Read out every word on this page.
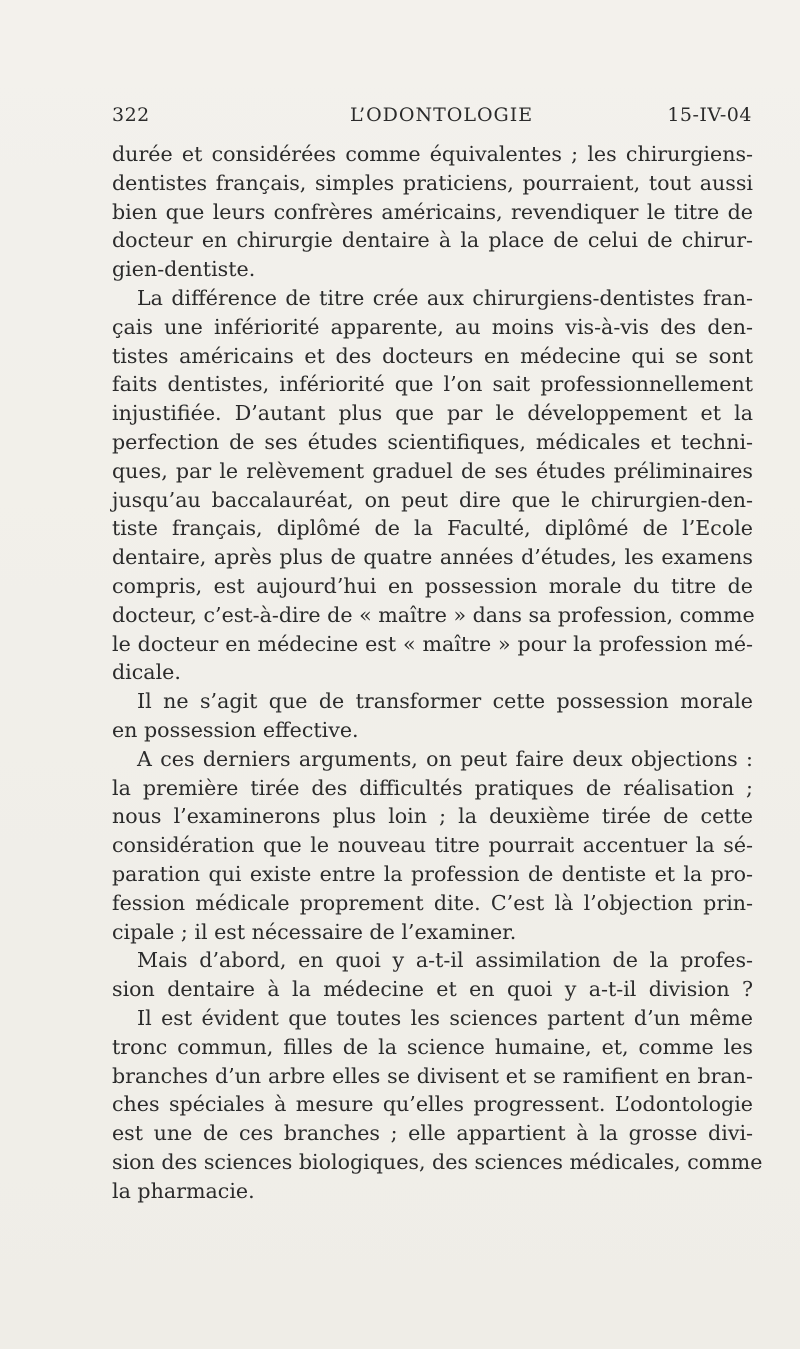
322	L’ODONTOLOGIE	15-IV-04
durée et considérées comme équivalentes ; les chirurgiens-
dentistes français, simples praticiens, pourraient, tout aussi
bien que leurs confrères américains, revendiquer le titre de
docteur en chirurgie dentaire à la place de celui de chirur-
gien-dentiste.
La différence de titre crée aux chirurgiens-dentistes fran-
çais une infériorité apparente, au moins vis-à-vis des den-
tistes américains et des docteurs en médecine qui se sont
faits dentistes, infériorité que l’on sait professionnellement
injustifiée. D’autant plus que par le développement et la
perfection de ses études scientifiques, médicales et techni-
ques, par le relèvement graduel de ses études préliminaires
jusqu’au baccalauréat, on peut dire que le chirurgien-den-
tiste français, diplômé de la Faculté, diplômé de l’Ecole
dentaire, après plus de quatre années d’études, les examens
compris, est aujourd’hui en possession morale du titre de
docteur, c’est-à-dire de « maître » dans sa profession, comme
le docteur en médecine est « maître » pour la profession mé-
dicale.
Il ne s’agit que de transformer cette possession morale
en possession effective.
A ces derniers arguments, on peut faire deux objections :
la première tirée des difficultés pratiques de réalisation ;
nous l’examinerons plus loin ; la deuxième tirée de cette
considération que le nouveau titre pourrait accentuer la sé-
paration qui existe entre la profession de dentiste et la pro-
fession médicale proprement dite. C’est là l’objection prin-
cipale ; il est nécessaire de l’examiner.
Mais d’abord, en quoi y a-t-il assimilation de la profes-
sion dentaire à la médecine et en quoi y a-t-il division ?
Il est évident que toutes les sciences partent d’un même
tronc commun, filles de la science humaine, et, comme les
branches d’un arbre elles se divisent et se ramifient en bran-
ches spéciales à mesure qu’elles progressent. L’odontologie
est une de ces branches ; elle appartient à la grosse divi-
sion des sciences biologiques, des sciences médicales, comme
la pharmacie.
